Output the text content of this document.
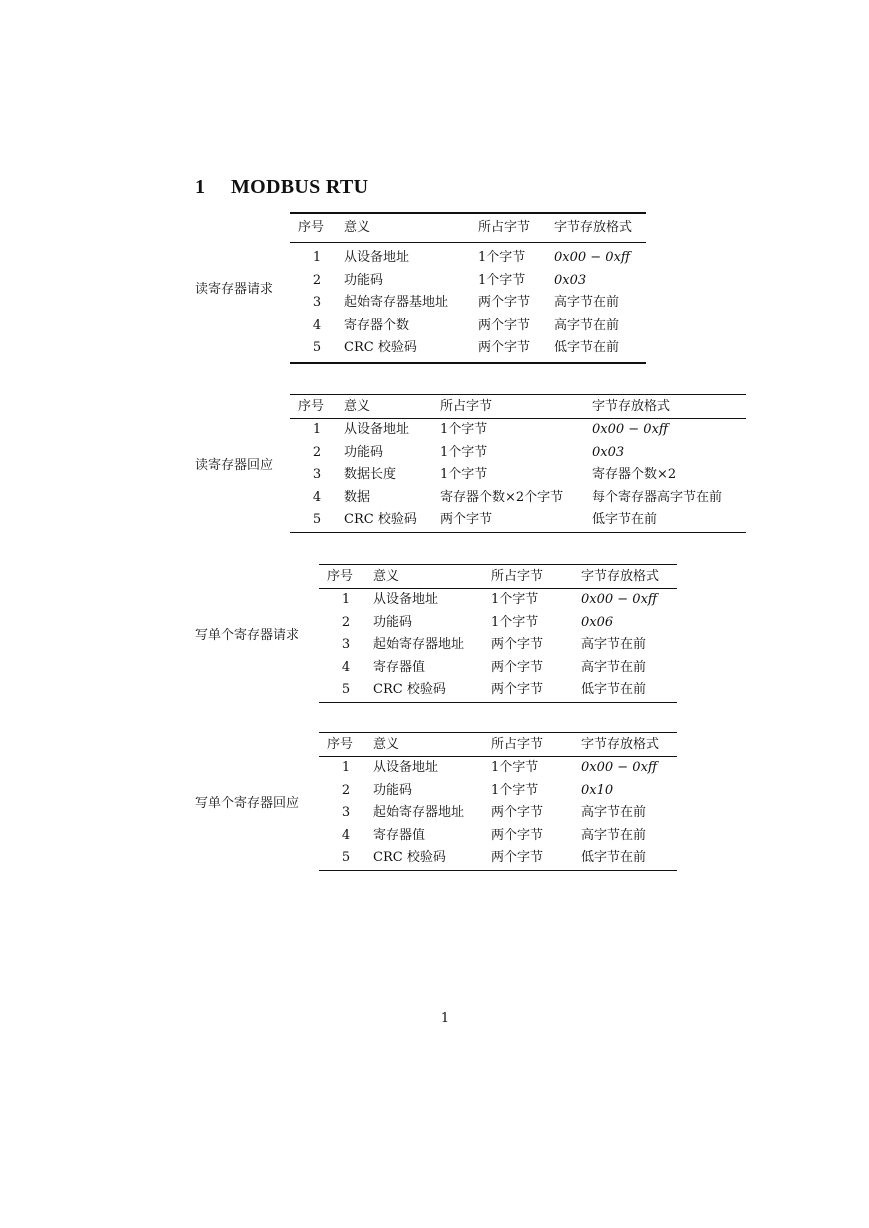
1 MODBUS RTU
读寄存器请求
序号	意义	所占字节	字节存放格式
1	从设备地址	1个字节	0x00 − 0xff
2	功能码	1个字节	0x03
3	起始寄存器基地址	两个字节	高字节在前
4	寄存器个数	两个字节	高字节在前
5	CRC 校验码	两个字节	低字节在前
读寄存器回应
序号	意义	所占字节	字节存放格式
1	从设备地址	1个字节	0x00 − 0xff
2	功能码	1个字节	0x03
3	数据长度	1个字节	寄存器个数×2
4	数据	寄存器个数×2个字节	每个寄存器高字节在前
5	CRC 校验码	两个字节	低字节在前
写单个寄存器请求
序号	意义	所占字节	字节存放格式
1	从设备地址	1个字节	0x00 − 0xff
2	功能码	1个字节	0x06
3	起始寄存器地址	两个字节	高字节在前
4	寄存器值	两个字节	高字节在前
5	CRC 校验码	两个字节	低字节在前
写单个寄存器回应
序号	意义	所占字节	字节存放格式
1	从设备地址	1个字节	0x00 − 0xff
2	功能码	1个字节	0x10
3	起始寄存器地址	两个字节	高字节在前
4	寄存器值	两个字节	高字节在前
5	CRC 校验码	两个字节	低字节在前
1
